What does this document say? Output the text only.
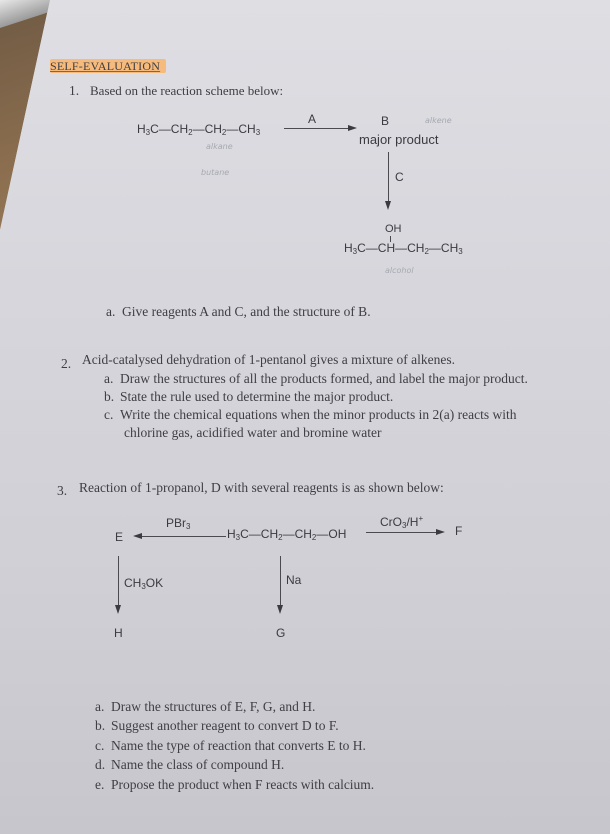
SELF-EVALUATION
1. Based on the reaction scheme below:
$H_3C—CH_2—CH_2—CH_3$
A	B
major product
C
OH
$H_3C—CH—CH_2—CH_3$
alkane
butane
alkene
alcohol
a. Give reagents A and C, and the structure of B.
2. Acid-catalysed dehydration of 1-pentanol gives a mixture of alkenes.
a. Draw the structures of all the products formed, and label the major product.
b. State the rule used to determine the major product.
c. Write the chemical equations when the minor products in 2(a) reacts with
chlorine gas, acidified water and bromine water
3. Reaction of 1-propanol, D with several reagents is as shown below:
E
PBr$_3$
$H_3C—CH_2—CH_2—OH$
CrO$_3$/H+
F
$CH_3OK$
H
Na
G
a. Draw the structures of E, F, G, and H.
b. Suggest another reagent to convert D to F.
c. Name the type of reaction that converts E to H.
d. Name the class of compound H.
e. Propose the product when F reacts with calcium.
